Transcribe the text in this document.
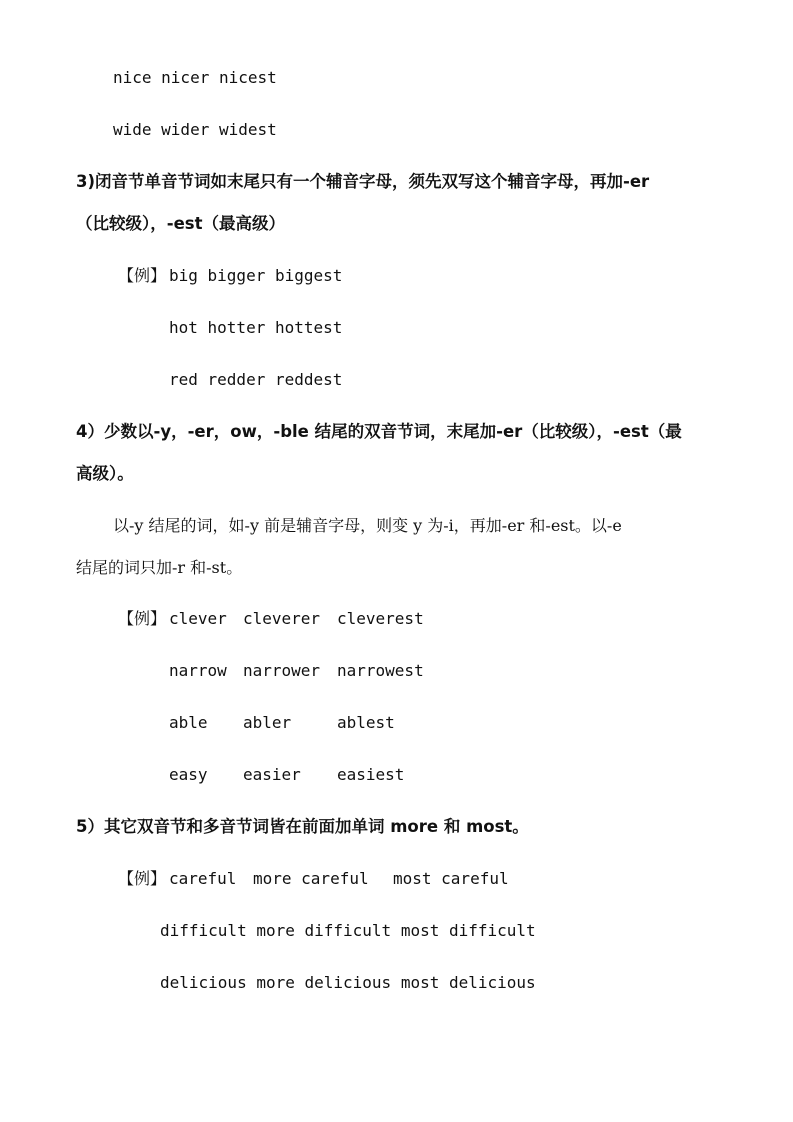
nice nicer nicest
wide wider widest
3)闭音节单音节词如末尾只有一个辅音字母，须先双写这个辅音字母，再加-er
（比较级），-est（最高级）
【例】 big bigger biggest
hot hotter hottest
red redder reddest
4）少数以-y，-er，ow，-ble 结尾的双音节词，末尾加-er（比较级），-est（最
高级）。
以-y 结尾的词，如-y 前是辅音字母，则变 y 为-i，再加-er 和-est。以-e
结尾的词只加-r 和-st。
【例】 clever cleverer cleverest
narrow narrower narrowest
able abler	ablest
easy easier easiest
5）其它双音节和多音节词皆在前面加单词 more 和 most。
【例】 careful more careful most careful
difficult more difficult most difficult
delicious more delicious most delicious
